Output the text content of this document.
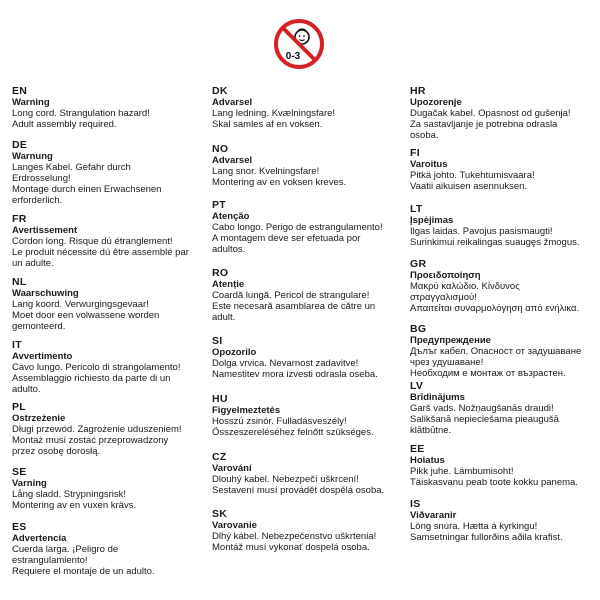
0-3
EN
Warning
Long cord. Strangulation hazard!
Adult assembly required.
DE
Warnung
Langes Kabel. Gefahr durch
Erdrosselung!
Montage durch einen Erwachsenen
erforderlich.
FR
Avertissement
Cordon long. Risque dú étranglement!
Le produit nécessite dú être assemblé par
un adulte.
NL
Waarschuwing
Lang koord. Verwurgingsgevaar!
Moet door een volwassene worden
gemonteerd.
IT
Avvertimento
Cavo lungo. Pericolo di strangolamento!
Assemblaggio richiesto da parte di un
adulto.
PL
Ostrzeżenie
Długi przewód. Zagrożenie uduszeniem!
Montaż musi zostać przeprowadzony
przez osobę dorosłą.
SE
Varning
Lång sladd. Strypningsrisk!
Montering av en vuxen krävs.
ES
Advertencia
Cuerda larga. ¡Peligro de
estrangulamiento!
Requiere el montaje de un adulto.
DK
Advarsel
Lang ledning. Kvælningsfare!
Skal samles af en voksen.
NO
Advarsel
Lang snor. Kvelningsfare!
Montering av en voksen kreves.
PT
Atenção
Cabo longo. Perigo de estrangulamento!
A montagem deve ser efetuada por
adultos.
RO
Atenție
Coardă lungă. Pericol de strangulare!
Este necesară asamblarea de către un
adult.
SI
Opozorilo
Dolga vrvica. Nevarnost zadavitve!
Namestitev mora izvesti odrasla oseba.
HU
Figyelmeztetés
Hosszú zsinór. Fulladásveszély!
Összeszereléséhez felnőtt szükséges.
CZ
Varování
Dlouhý kabel. Nebezpečí uškrcení!
Sestavení musí provádět dospělá osoba.
SK
Varovanie
Dlhý kábel. Nebezpečenstvo uškrtenia!
Montáž musí vykonať dospelá osoba.
HR
Upozorenje
Dugačak kabel. Opasnost od gušenja!
Za sastavljanje je potrebna odrasla
osoba.
FI
Varoitus
Pitkä johto. Tukehtumisvaara!
Vaatii aikuisen asennuksen.
LT
Įspėjimas
Ilgas laidas. Pavojus pasismaugti!
Surinkimui reikalingas suaugęs žmogus.
GR
Προειδοποίηση
Μακρύ καλώδιο. Κίνδυνος
στραγγαλισμού!
Απαιτείται συναρμολόγηση από ενήλικα.
BG
Предупреждение
Дълъг кабел. Опасност от задушаване
чрез удушаване!
Необходим е монтаж от възрастен.
LV
Brīdinājums
Garš vads. Nožņaugšanās draudi!
Salikšanā nepieciešama pieaugušā
klātbūtne.
EE
Hoiatus
Pikk juhe. Lämbumisoht!
Täiskasvanu peab toote kokku panema.
IS
Viðvaranir
Löng snúra. Hætta á kyrkingu!
Samsetningar fullorðins aðila krafist.
